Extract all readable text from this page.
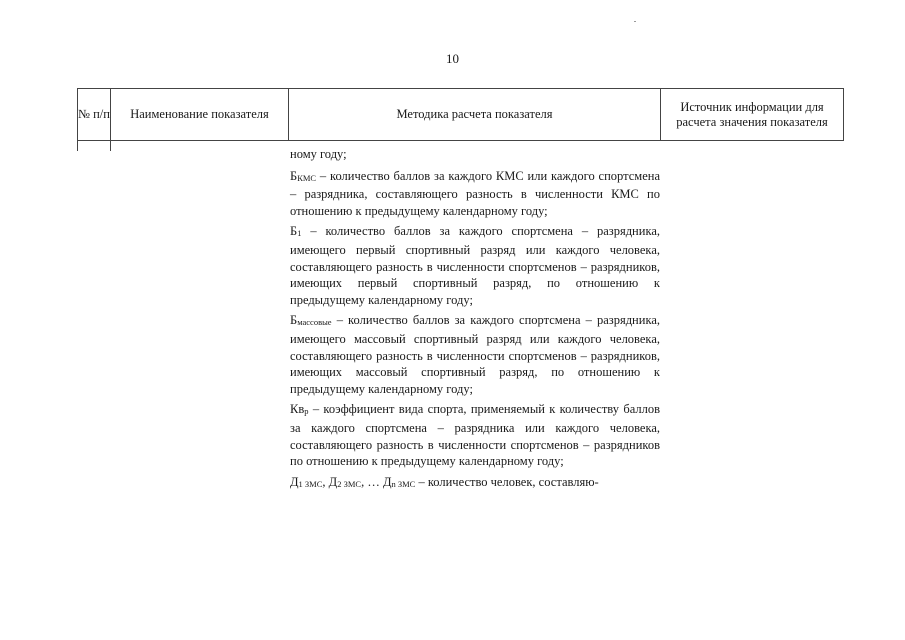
10
№ п/п	Наименование показателя	Методика расчета показателя
Источник информации для расчета значения показателя

ному году;

БКМС – количество баллов за каждого КМС или каждого спортсмена – разрядника, составляющего разность в численности КМС по отношению к предыдущему календарному году;

Б1 – количество баллов за каждого спортсмена – разрядника, имеющего первый спортивный разряд или каждого человека, составляющего разность в численности спортсменов – разрядников, имеющих первый спортивный разряд, по отношению к предыдущему календарному году;

Бмассовые – количество баллов за каждого спортсмена – разрядника, имеющего массовый спортивный разряд или каждого человека, составляющего разность в численности спортсменов – разрядников, имеющих массовый спортивный разряд, по отношению к предыдущему календарному году;

Квр – коэффициент вида спорта, применяемый к количеству баллов за каждого спортсмена – разрядника или каждого человека, составляющего разность в численности спортсменов – разрядников по отношению к предыдущему календарному году;

Д1 ЗМС, Д2 ЗМС, … Дn ЗМС – количество человек, составляю-
